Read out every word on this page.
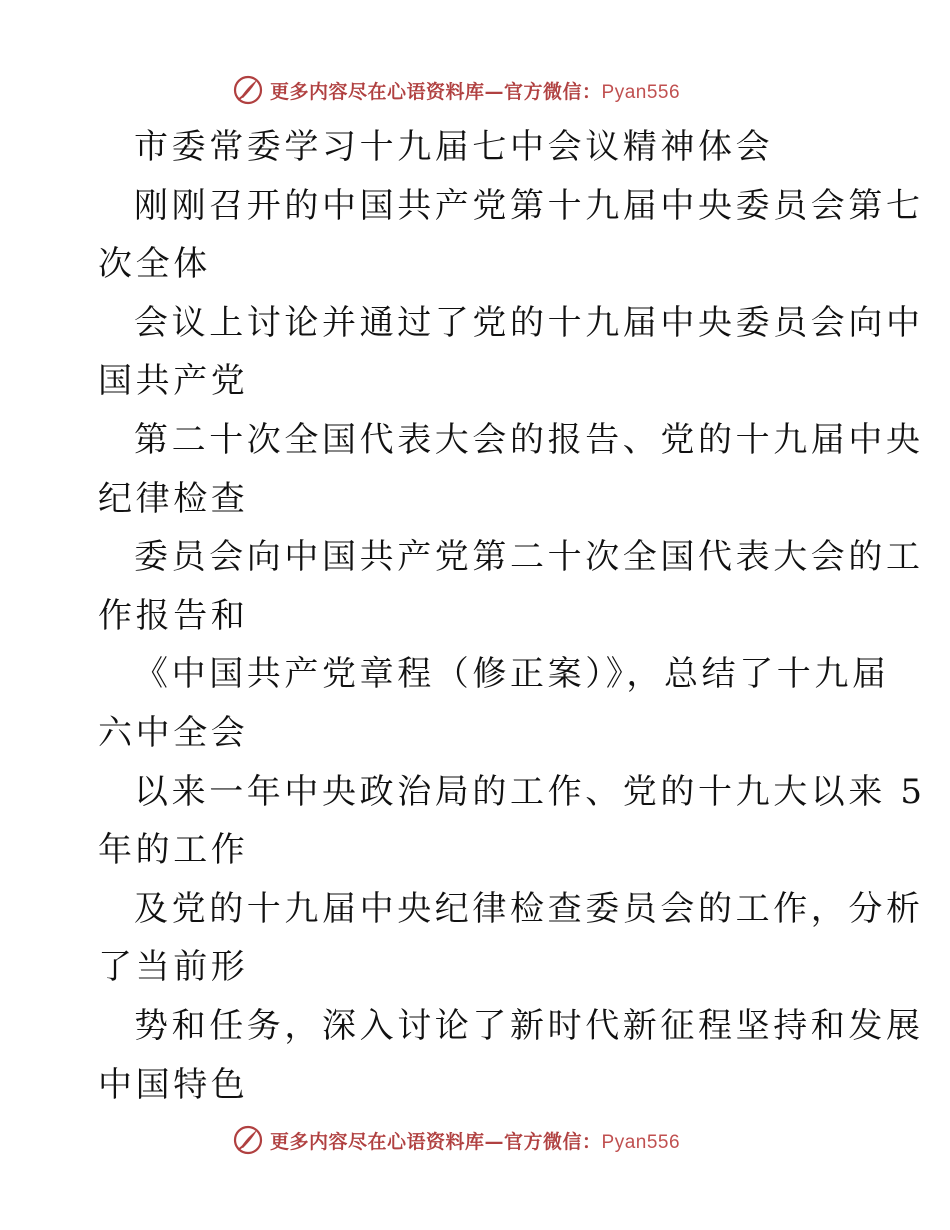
更多内容尽在心语资料库—官方微信：Pyan556
市委常委学习十九届七中会议精神体会
刚刚召开的中国共产党第十九届中央委员会第七
次全体
会议上讨论并通过了党的十九届中央委员会向中
国共产党
第二十次全国代表大会的报告、党的十九届中央
纪律检查
委员会向中国共产党第二十次全国代表大会的工
作报告和
《中国共产党章程（修正案）》，总结了十九届
六中全会
以来一年中央政治局的工作、党的十九大以来 5
年的工作
及党的十九届中央纪律检查委员会的工作，分析
了当前形
势和任务，深入讨论了新时代新征程坚持和发展
中国特色
更多内容尽在心语资料库—官方微信：Pyan556
